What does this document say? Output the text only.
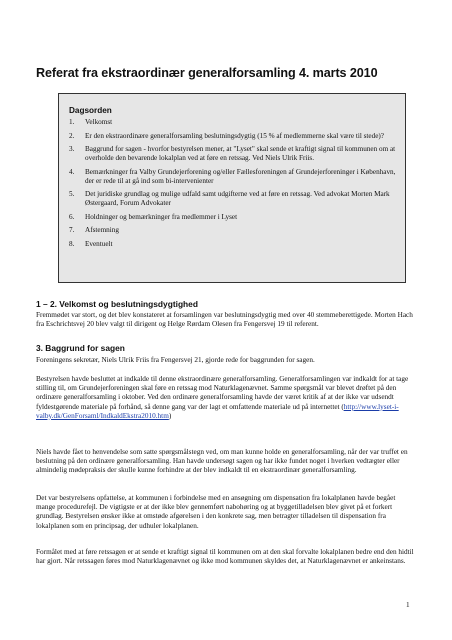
Referat fra ekstraordinær generalforsamling 4. marts 2010
Dagsorden
1. Velkomst
2. Er den ekstraordinære generalforsamling beslutningsdygtig (15 % af medlemmerne skal være til stede)?
3. Baggrund for sagen - hvorfor bestyrelsen mener, at "Lyset" skal sende et kraftigt signal til kommunen om at overholde den bevarende lokalplan ved at føre en retssag. Ved Niels Ulrik Friis.
4. Bemærkninger fra Valby Grundejerforening og/eller Fællesforeningen af Grundejerforeninger i København, der er rede til at gå ind som bi-intervenienter
5. Det juridiske grundlag og mulige udfald samt udgifterne ved at føre en retssag. Ved advokat Morten Mark Østergaard, Forum Advokater
6. Holdninger og bemærkninger fra medlemmer i Lyset
7. Afstemning
8. Eventuelt
1 – 2. Velkomst og beslutningsdygtighed

Fremmødet var stort, og det blev konstateret at forsamlingen var beslutningsdygtig med over 40 stemmeberettigede. Morten Hach fra Eschrichtsvej 20 blev valgt til dirigent og Helge Rørdam Olesen fra Fengersvej 19 til referent.

3. Baggrund for sagen

Foreningens sekretær, Niels Ulrik Friis fra Fengersvej 21, gjorde rede for baggrunden for sagen.

Bestyrelsen havde besluttet at indkalde til denne ekstraordinære generalforsamling. Generalforsamlingen var indkaldt for at tage stilling til, om Grundejerforeningen skal føre en retssag mod Naturklagenævnet. Samme spørgsmål var blevet drøftet på den ordinære generalforsamling i oktober. Ved den ordinære generalforsamling havde der været kritik af at der ikke var udsendt fyldestgørende materiale på forhånd, så denne gang var der lagt et omfattende materiale ud på internettet (http://www.lyset-i-valby.dk/GenForsaml/IndkaldEkstra2010.htm)

Niels havde fået to henvendelse som satte spørgsmålstegn ved, om man kunne holde en generalforsamling, når der var truffet en beslutning på den ordinære generalforsamling. Han havde undersøgt sagen og har ikke fundet noget i hverken vedtægter eller almindelig mødepraksis der skulle kunne forhindre at der blev indkaldt til en ekstraordinær generalforsamling.

Det var bestyrelsens opfattelse, at kommunen i forbindelse med en ansøgning om dispensation fra lokalplanen havde begået mange procedurefejl. De vigtigste er at der ikke blev gennemført nabohøring og at byggetilladelsen blev givet på et forkert grundlag. Bestyrelsen ønsker ikke at omstøde afgørelsen i den konkrete sag, men betragter tilladelsen til dispensation fra lokalplanen som en principsag, der udhuler lokalplanen.

Formålet med at føre retssagen er at sende et kraftigt signal til kommunen om at den skal forvalte lokalplanen bedre end den hidtil har gjort. Når retssagen føres mod Naturklagenævnet og ikke mod kommunen skyldes det, at Naturklagenævnet er ankeinstans.

1
